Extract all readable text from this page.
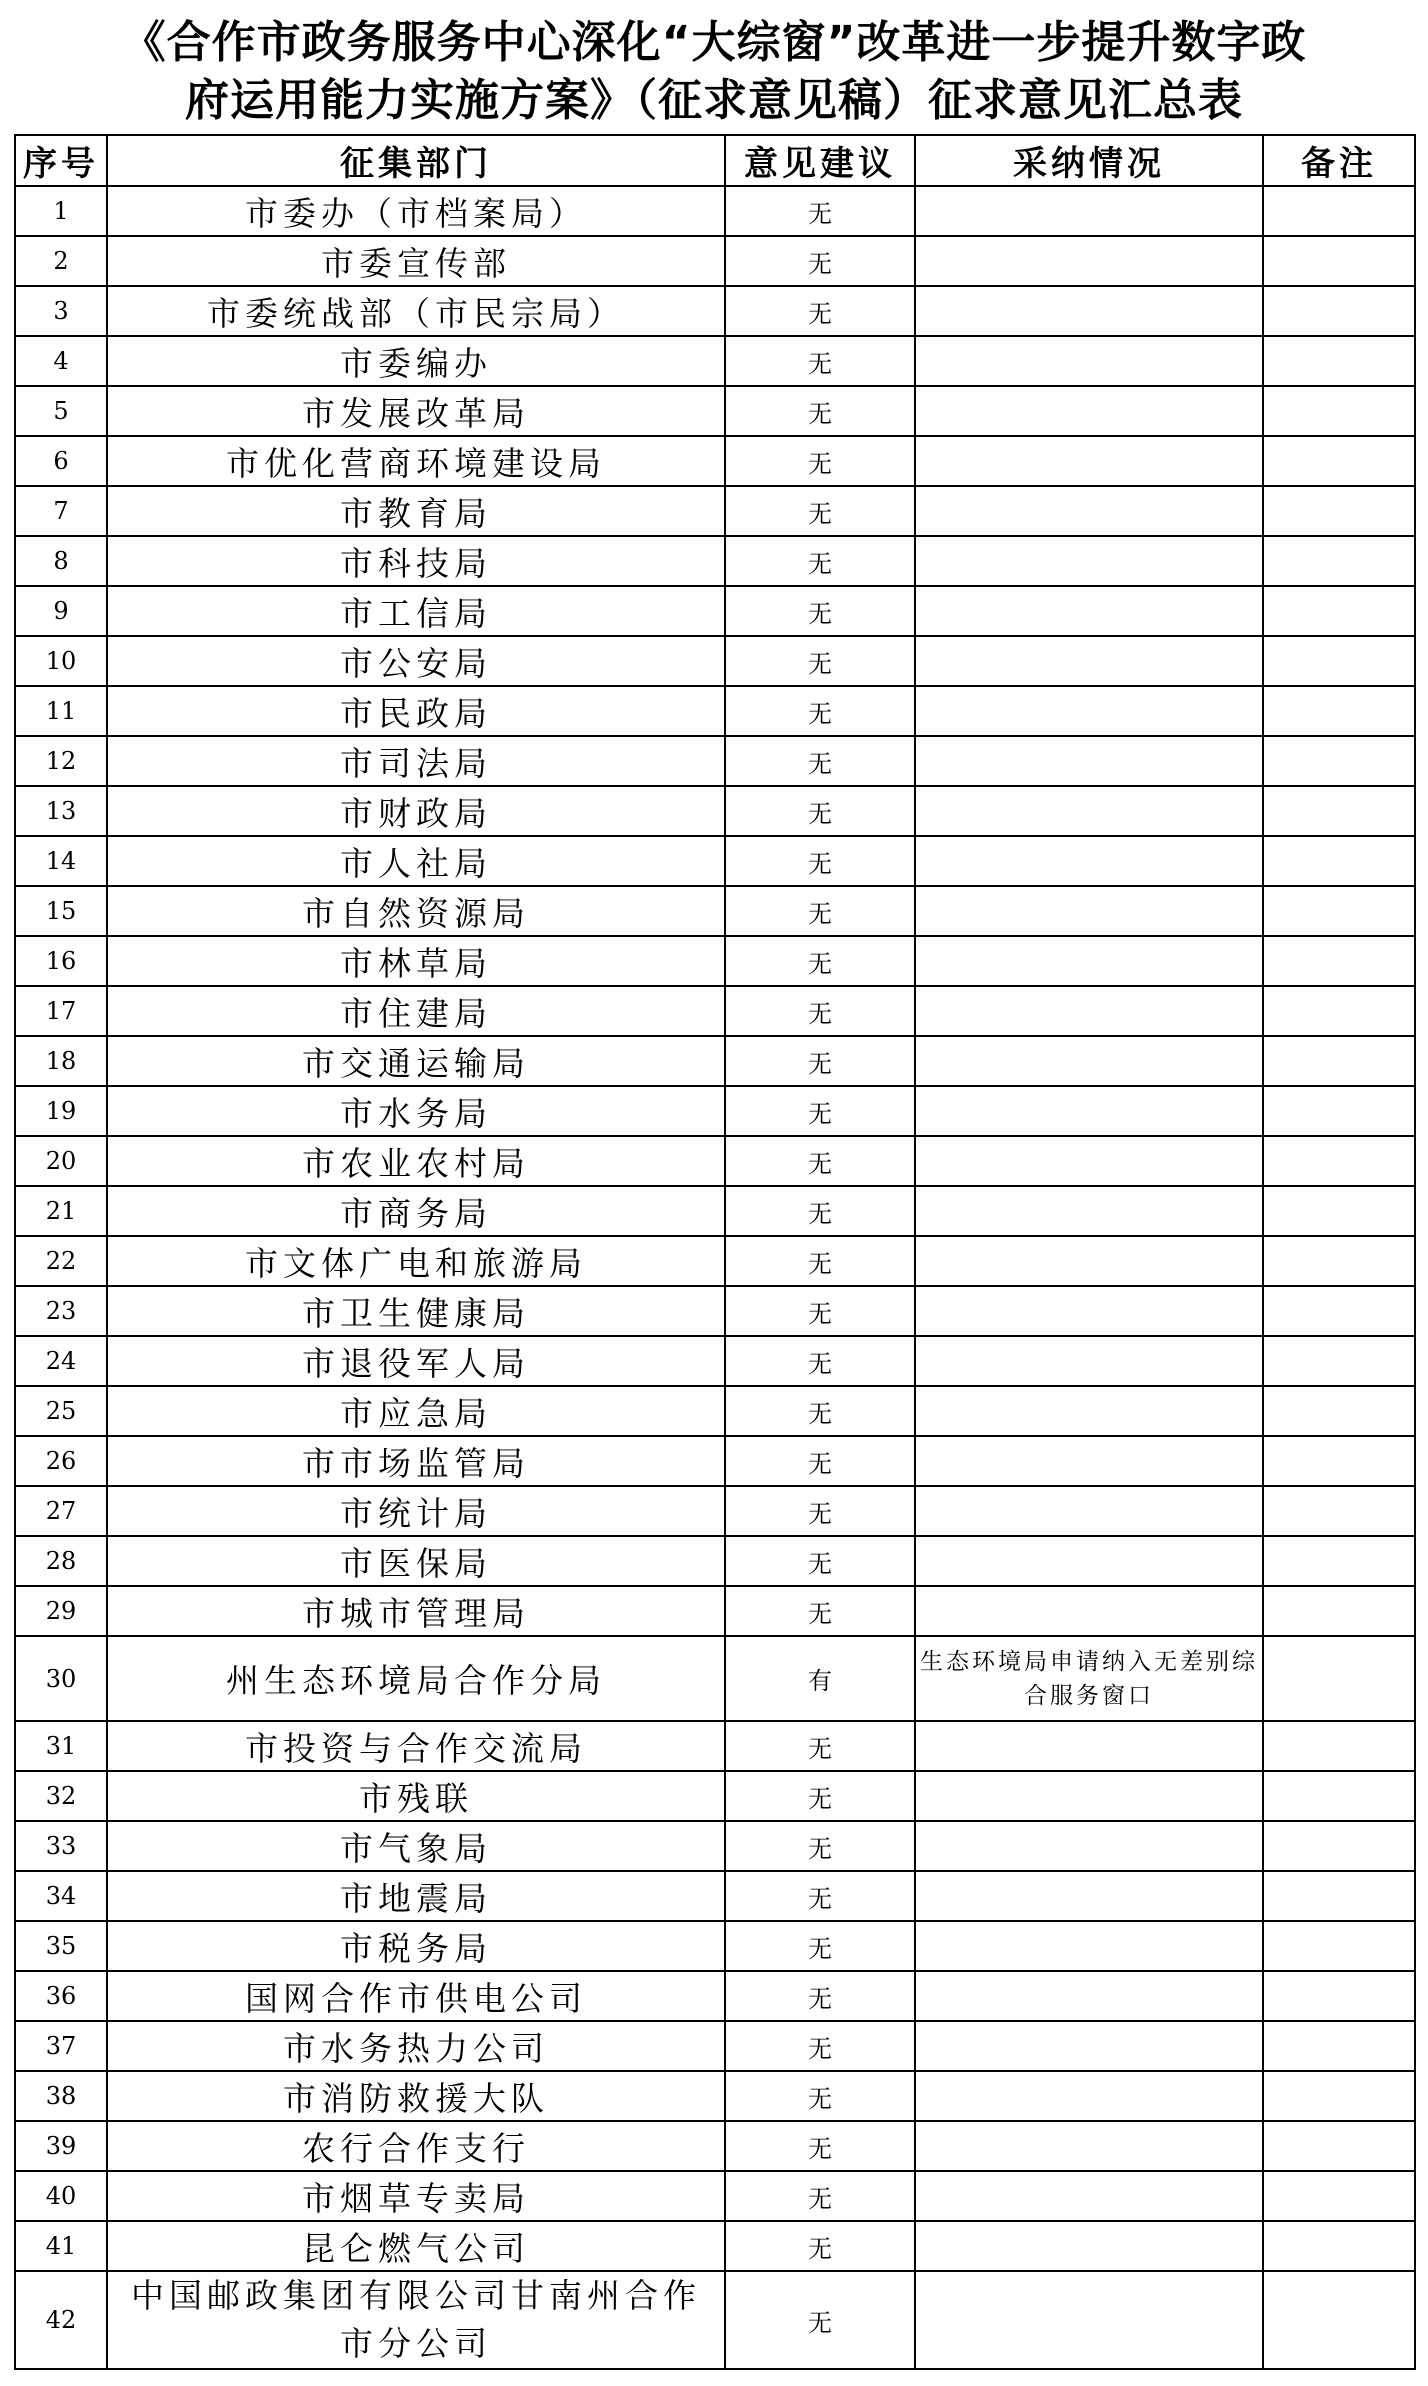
《合作市政务服务中心深化“大综窗”改革进一步提升数字政
府运用能力实施方案》（征求意见稿）征求意见汇总表
序号	征集部门	意见建议	采纳情况	备注
1	市委办（市档案局）	无		
2	市委宣传部	无		
3	市委统战部（市民宗局）	无		
4	市委编办	无		
5	市发展改革局	无		
6	市优化营商环境建设局	无		
7	市教育局	无		
8	市科技局	无		
9	市工信局	无		
10	市公安局	无		
11	市民政局	无		
12	市司法局	无		
13	市财政局	无		
14	市人社局	无		
15	市自然资源局	无		
16	市林草局	无		
17	市住建局	无		
18	市交通运输局	无		
19	市水务局	无		
20	市农业农村局	无		
21	市商务局	无		
22	市文体广电和旅游局	无		
23	市卫生健康局	无		
24	市退役军人局	无		
25	市应急局	无		
26	市市场监管局	无		
27	市统计局	无		
28	市医保局	无		
29	市城市管理局	无		
30	州生态环境局合作分局	有	生态环境局申请纳入无差别综合服务窗口	
31	市投资与合作交流局	无		
32	市残联	无		
33	市气象局	无		
34	市地震局	无		
35	市税务局	无		
36	国网合作市供电公司	无		
37	市水务热力公司	无		
38	市消防救援大队	无		
39	农行合作支行	无		
40	市烟草专卖局	无		
41	昆仑燃气公司	无		
42	中国邮政集团有限公司甘南州合作市分公司	无		
